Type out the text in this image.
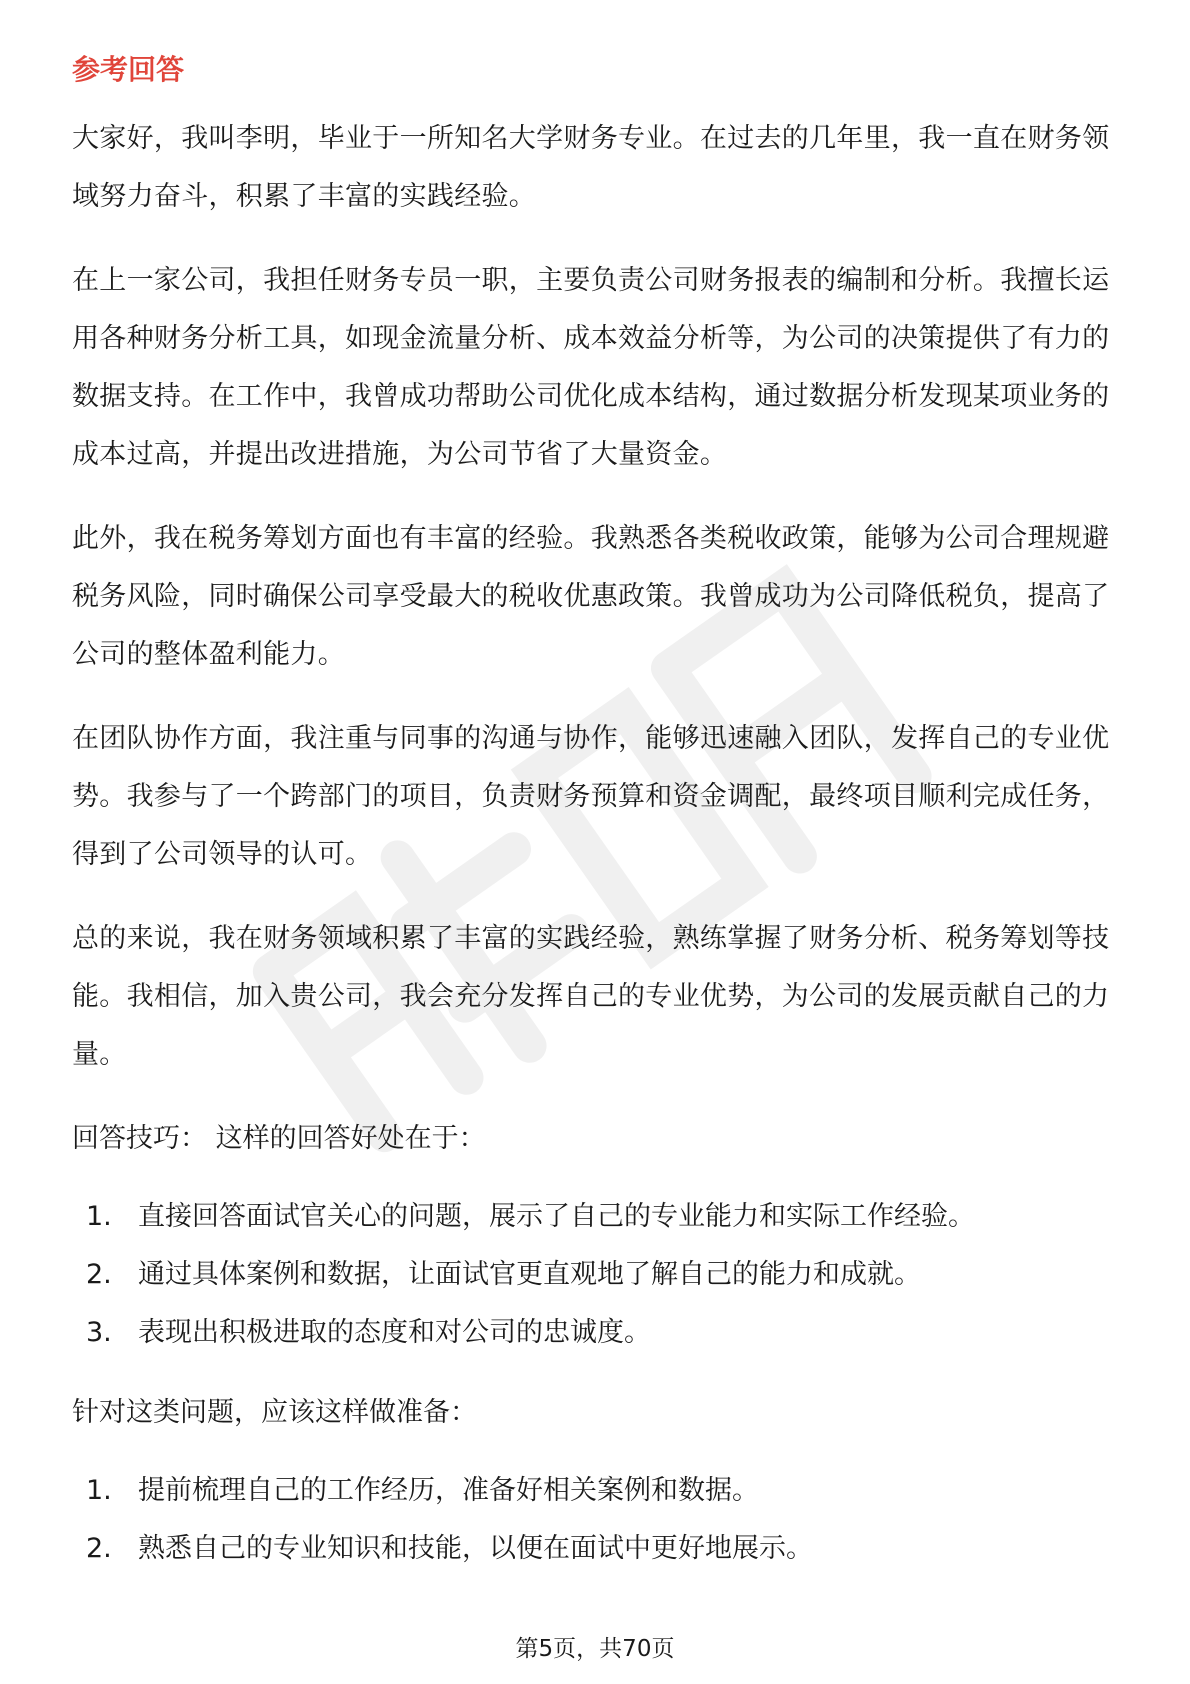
参考回答

大家好，我叫李明，毕业于一所知名大学财务专业。在过去的几年里，我一直在财务领域努力奋斗，积累了丰富的实践经验。

在上一家公司，我担任财务专员一职，主要负责公司财务报表的编制和分析。我擅长运用各种财务分析工具，如现金流量分析、成本效益分析等，为公司的决策提供了有力的数据支持。在工作中，我曾成功帮助公司优化成本结构，通过数据分析发现某项业务的成本过高，并提出改进措施，为公司节省了大量资金。

此外，我在税务筹划方面也有丰富的经验。我熟悉各类税收政策，能够为公司合理规避税务风险，同时确保公司享受最大的税收优惠政策。我曾成功为公司降低税负，提高了公司的整体盈利能力。

在团队协作方面，我注重与同事的沟通与协作，能够迅速融入团队，发挥自己的专业优势。我参与了一个跨部门的项目，负责财务预算和资金调配，最终项目顺利完成任务，得到了公司领导的认可。

总的来说，我在财务领域积累了丰富的实践经验，熟练掌握了财务分析、税务筹划等技能。我相信，加入贵公司，我会充分发挥自己的专业优势，为公司的发展贡献自己的力量。

回答技巧： 这样的回答好处在于：
1. 直接回答面试官关心的问题，展示了自己的专业能力和实际工作经验。
2. 通过具体案例和数据，让面试官更直观地了解自己的能力和成就。
3. 表现出积极进取的态度和对公司的忠诚度。
针对这类问题，应该这样做准备：
1. 提前梳理自己的工作经历，准备好相关案例和数据。
2. 熟悉自己的专业知识和技能，以便在面试中更好地展示。
第5页，共70页
